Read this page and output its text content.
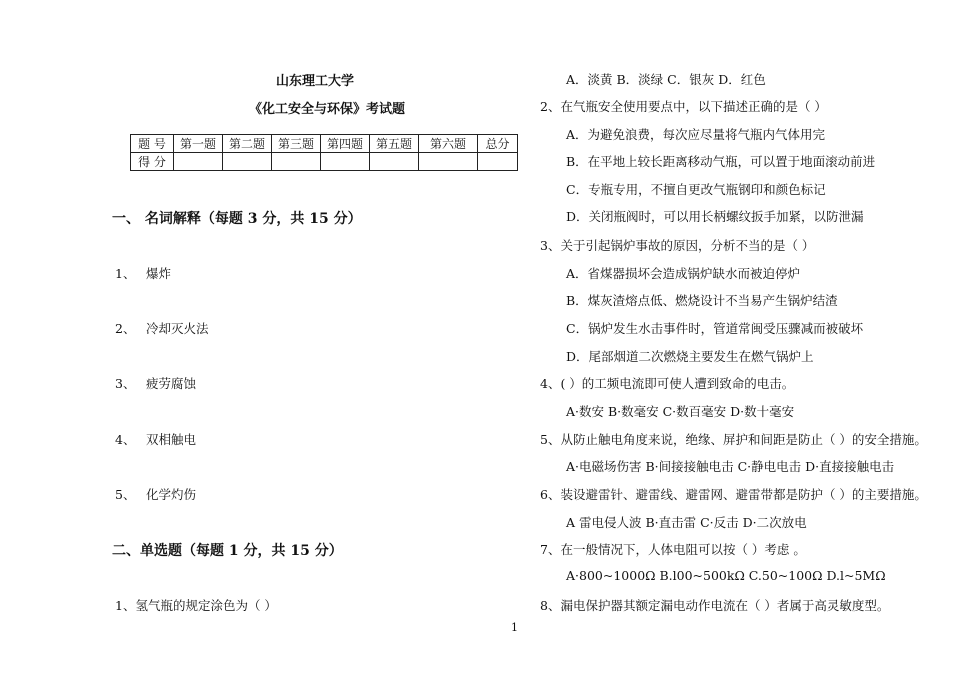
山东理工大学
《化工安全与环保》考试题
题 号	第一题	第二题	第三题	第四题	第五题	第六题	总分
得 分							
一、 名词解释（每题 3 分，共 15 分）
1、 爆炸
2、 冷却灭火法
3、 疲劳腐蚀
4、 双相触电
5、 化学灼伤
二、单选题（每题 1 分，共 15 分）
1、氢气瓶的规定涂色为（ ）
A．淡黄 B．淡绿 C．银灰 D．红色
2、在气瓶安全使用要点中，以下描述正确的是（ ）
A．为避免浪费，每次应尽量将气瓶内气体用完
B．在平地上较长距离移动气瓶，可以置于地面滚动前进
C．专瓶专用，不擅自更改气瓶钢印和颜色标记
D．关闭瓶阀时，可以用长柄螺纹扳手加紧，以防泄漏
3、关于引起锅炉事故的原因，分析不当的是（ ）
A．省煤器损坏会造成锅炉缺水而被迫停炉
B．煤灰渣熔点低、燃烧设计不当易产生锅炉结渣
C．锅炉发生水击事件时，管道常闽受压骤减而被破坏
D．尾部烟道二次燃烧主要发生在燃气锅炉上
4、( ）的工频电流即可使人遭到致命的电击。
A·数安 B·数毫安 C·数百毫安 D·数十毫安
5、从防止触电角度来说，绝缘、屏护和间距是防止（ ）的安全措施。
A·电磁场伤害 B·间接接触电击 C·静电电击 D·直接接触电击
6、装设避雷针、避雷线、避雷网、避雷带都是防护（ ）的主要措施。
A 雷电侵人波 B·直击雷 C·反击 D·二次放电
7、在一般情况下，人体电阻可以按（ ）考虑 。
A·800~1000Ω B.l00~500kΩ C.50~100Ω D.l~5MΩ
8、漏电保护器其额定漏电动作电流在（ ）者属于高灵敏度型。
1
